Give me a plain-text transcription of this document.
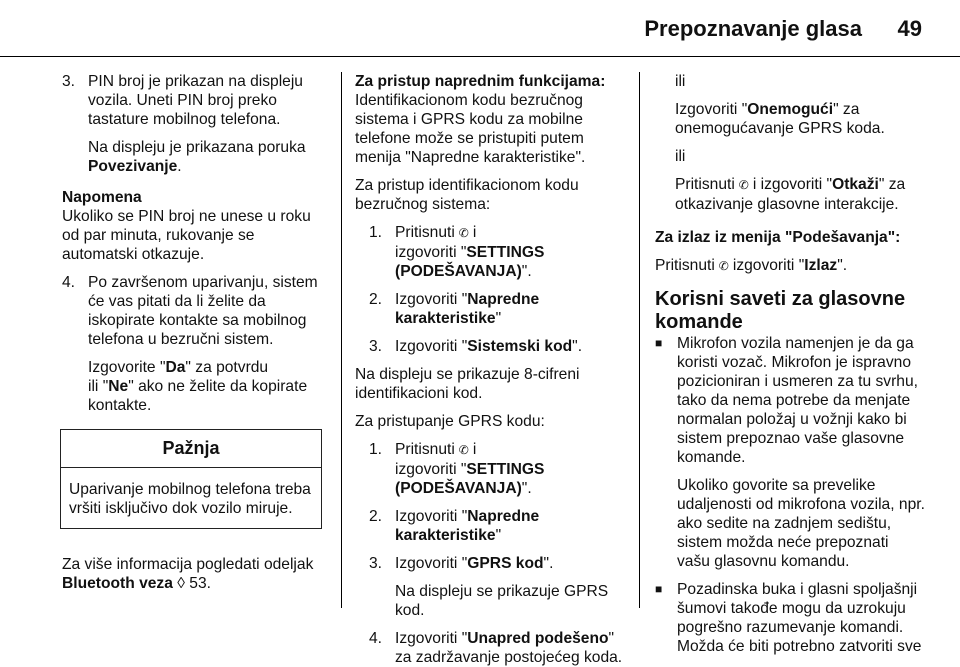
Prepoznavanje glasa 49
3. PIN broj je prikazan na displeju vozila. Uneti PIN broj preko tastature mobilnog telefona.

Na displeju je prikazana poruka Povezivanje.

Napomena

Ukoliko se PIN broj ne unese u roku od par minuta, rukovanje se automatski otkazuje.

4. Po završenom uparivanju, sistem će vas pitati da li želite da iskopirate kontakte sa mobilnog telefona u bezručni sistem.

Izgovorite "Da" za potvrdu
ili "Ne" ako ne želite da kopirate kontakte.

Pažnja
Uparivanje mobilnog telefona treba vršiti isključivo dok vozilo miruje.

Za više informacija pogledati odeljak
Bluetooth veza ◊ 53.

Za pristup naprednim funkcijama:

Identifikacionom kodu bezručnog sistema i GPRS kodu za mobilne telefone može se pristupiti putem menija "Napredne karakteristike".

Za pristup identifikacionom kodu bezručnog sistema:

1. Pritisnuti ✆ i
izgovoriti "SETTINGS (PODEŠAVANJA)".
2. Izgovoriti "Napredne karakteristike"
3. Izgovoriti "Sistemski kod".

Na displeju se prikazuje 8-cifreni identifikacioni kod.

Za pristupanje GPRS kodu:

1. Pritisnuti ✆ i
izgovoriti "SETTINGS (PODEŠAVANJA)".
2. Izgovoriti "Napredne karakteristike"
3. Izgovoriti "GPRS kod".
Na displeju se prikazuje GPRS kod.
4. Izgovoriti "Unapred podešeno" za zadržavanje postojećeg koda.

ili

Izgovoriti "Onemogući" za onemogućavanje GPRS koda.

ili

Pritisnuti ✆ i izgovoriti "Otkaži" za otkazivanje glasovne interakcije.

Za izlaz iz menija "Podešavanja":

Pritisnuti ✆ izgovoriti "Izlaz".

Korisni saveti za glasovne komande

■ Mikrofon vozila namenjen je da ga koristi vozač. Mikrofon je ispravno pozicioniran i usmeren za tu svrhu, tako da nema potrebe da menjate normalan položaj u vožnji kako bi sistem prepoznao vaše glasovne komande.
Ukoliko govorite sa prevelike udaljenosti od mikrofona vozila, npr. ako sedite na zadnjem sedištu, sistem možda neće prepoznati vašu glasovnu komandu.
■ Pozadinska buka i glasni spoljašnji šumovi takođe mogu da uzrokuju pogrešno razumevanje komandi. Možda će biti potrebno zatvoriti sve
